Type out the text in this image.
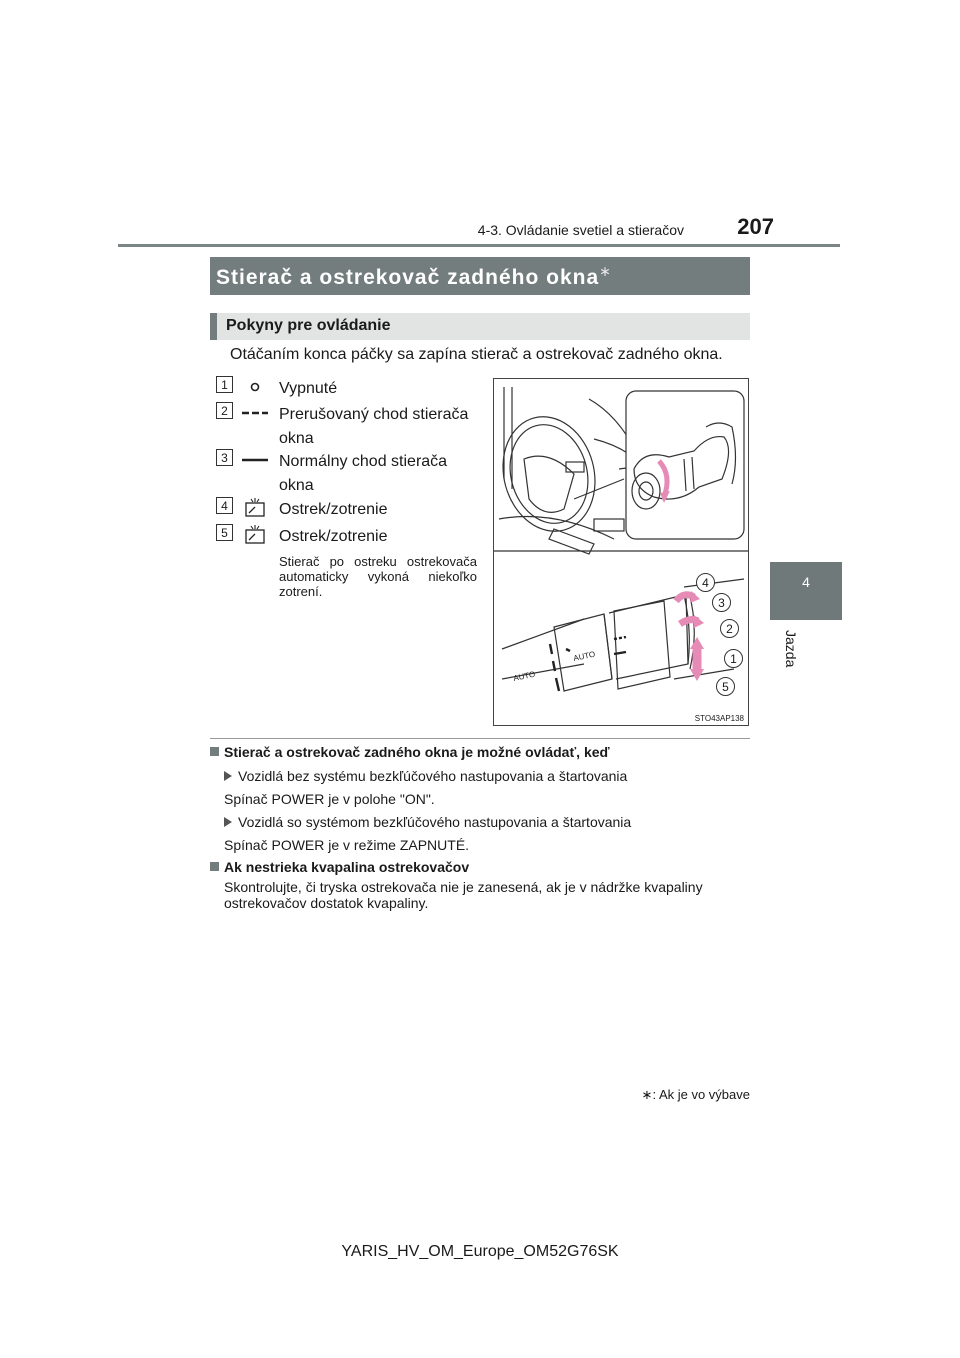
4-3. Ovládanie svetiel a stieračov	207
4
Jazda
Stierač a ostrekovač zadného okna∗
Pokyny pre ovládanie
Otáčaním konca páčky sa zapína stierač a ostrekovač zadného okna.
1	Vypnuté
2	Prerušovaný chod stierača okna
3	Normálny chod stierača okna
4	Ostrek/zotrenie
5	Ostrek/zotrenie
Stierač po ostreku ostrekovača automaticky vykoná niekoľko zotrení.
AUTO
AUTO
4
3
2
1
5
STO43AP138
Stierač a ostrekovač zadného okna je možné ovládať, keď
Vozidlá bez systému bezkľúčového nastupovania a štartovania
Spínač POWER je v polohe "ON".
Vozidlá so systémom bezkľúčového nastupovania a štartovania
Spínač POWER je v režime ZAPNUTÉ.
Ak nestrieka kvapalina ostrekovačov
Skontrolujte, či tryska ostrekovača nie je zanesená, ak je v nádržke kvapaliny ostrekovačov dostatok kvapaliny.
∗: Ak je vo výbave
YARIS_HV_OM_Europe_OM52G76SK
